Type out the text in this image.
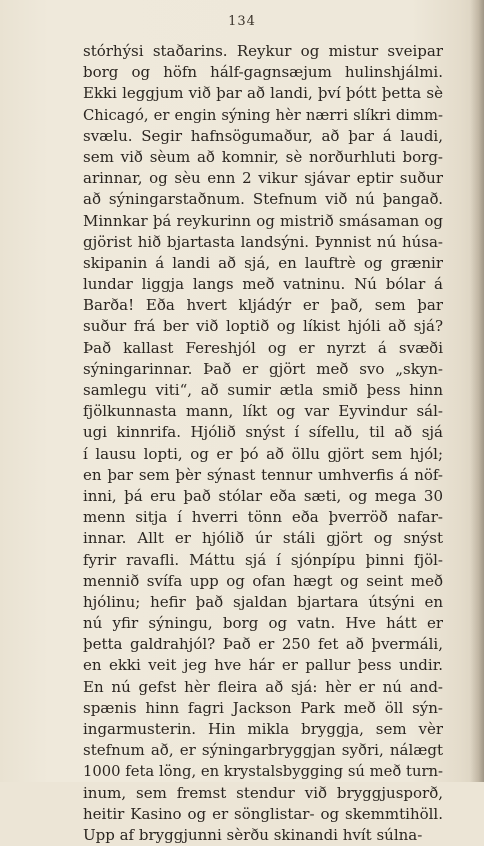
134
stórhýsi staðarins. Reykur og mistur sveipar
borg og höfn hálf-gagnsæjum hulinshjálmi.
Ekki leggjum við þar að landi, því þótt þetta sè
Chicagó, er engin sýning hèr nærri slíkri dimm-
svælu. Segir hafnsögumaður, að þar á laudi,
sem við sèum að komnir, sè norðurhluti borg-
arinnar, og sèu enn 2 vikur sjávar eptir suður
að sýningarstaðnum. Stefnum við nú þangað.
Minnkar þá reykurinn og mistrið smásaman og
gjörist hið bjartasta landsýni. Þynnist nú húsa-
skipanin á landi að sjá, en lauftrè og grænir
lundar liggja langs með vatninu. Nú bólar á
Barða! Eða hvert kljádýr er það, sem þar
suður frá ber við loptið og líkist hjóli að sjá?
Það kallast Fereshjól og er nyrzt á svæði
sýningarinnar. Það er gjört með svo „skyn-
samlegu viti“, að sumir ætla smið þess hinn
fjölkunnasta mann, líkt og var Eyvindur sál-
ugi kinnrifa. Hjólið snýst í sífellu, til að sjá
í lausu lopti, og er þó að öllu gjört sem hjól;
en þar sem þèr sýnast tennur umhverfis á nöf-
inni, þá eru það stólar eða sæti, og mega 30
menn sitja í hverri tönn eða þverröð nafar-
innar. Allt er hjólið úr stáli gjört og snýst
fyrir ravafli. Máttu sjá í sjónpípu þinni fjöl-
mennið svífa upp og ofan hægt og seint með
hjólinu; hefir það sjaldan bjartara útsýni en
nú yfir sýningu, borg og vatn. Hve hátt er
þetta galdrahjól? Það er 250 fet að þvermáli,
en ekki veit jeg hve hár er pallur þess undir.
En nú gefst hèr fleira að sjá: hèr er nú and-
spænis hinn fagri Jackson Park með öll sýn-
ingarmusterin. Hin mikla bryggja, sem vèr
stefnum að, er sýningarbryggjan syðri, nálægt
1000 feta löng, en krystalsbygging sú með turn-
inum, sem fremst stendur við bryggjusporð,
heitir Kasino og er sönglistar- og skemmtihöll.
Upp af bryggjunni sèrðu skinandi hvít súlna-
